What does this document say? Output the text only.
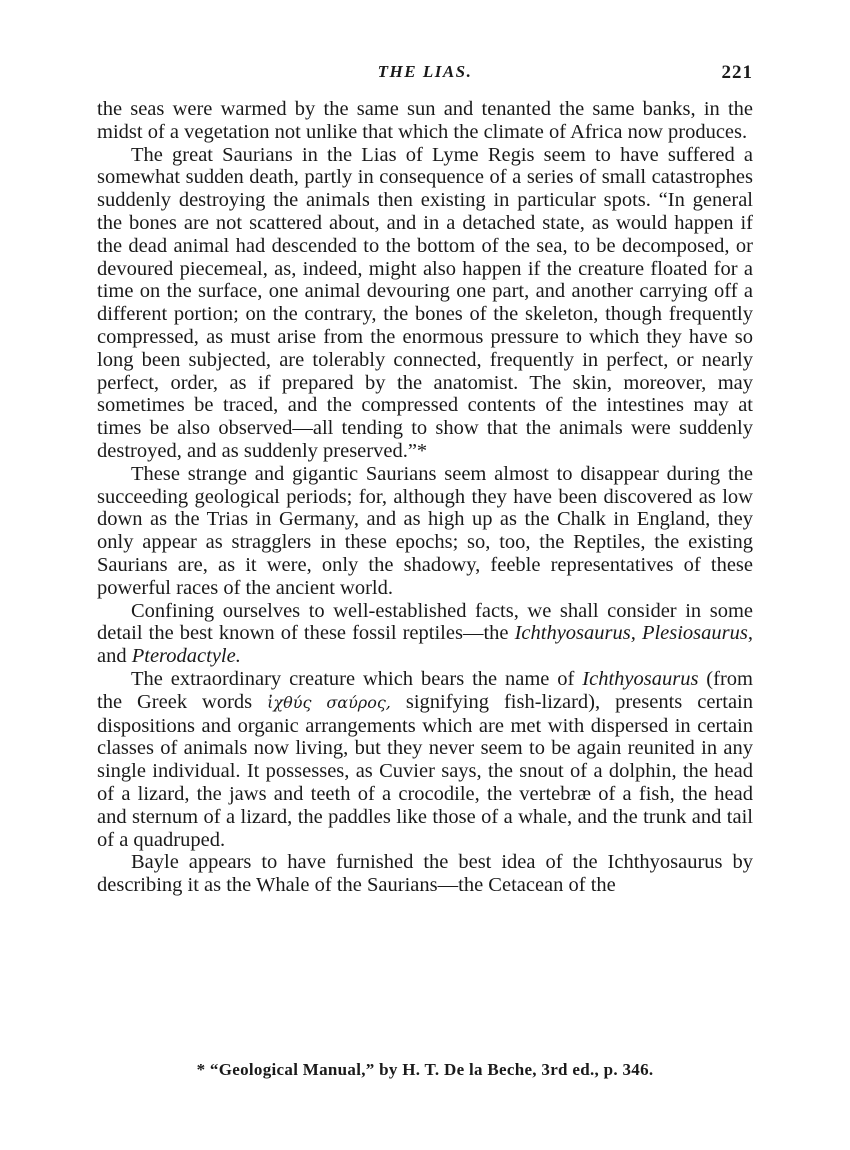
THE LIAS.	221

the seas were warmed by the same sun and tenanted the same banks, in the midst of a vegetation not unlike that which the climate of Africa now produces.

The great Saurians in the Lias of Lyme Regis seem to have suffered a somewhat sudden death, partly in consequence of a series of small catastrophes suddenly destroying the animals then existing in particular spots. “In general the bones are not scattered about, and in a detached state, as would happen if the dead animal had descended to the bottom of the sea, to be decomposed, or devoured piecemeal, as, indeed, might also happen if the creature floated for a time on the surface, one animal devouring one part, and another carrying off a different portion; on the contrary, the bones of the skeleton, though frequently compressed, as must arise from the enormous pressure to which they have so long been subjected, are tolerably connected, frequently in perfect, or nearly perfect, order, as if prepared by the anatomist. The skin, moreover, may sometimes be traced, and the compressed contents of the intestines may at times be also observed—all tending to show that the animals were suddenly destroyed, and as suddenly preserved.”*

These strange and gigantic Saurians seem almost to disappear during the succeeding geological periods; for, although they have been discovered as low down as the Trias in Germany, and as high up as the Chalk in England, they only appear as stragglers in these epochs; so, too, the Reptiles, the existing Saurians are, as it were, only the shadowy, feeble representatives of these powerful races of the ancient world.

Confining ourselves to well-established facts, we shall consider in some detail the best known of these fossil reptiles—the Ichthyosaurus, Plesiosaurus, and Pterodactyle.

The extraordinary creature which bears the name of Ichthyosaurus (from the Greek words ἰχθύς σαύρος, signifying fish-lizard), presents certain dispositions and organic arrangements which are met with dispersed in certain classes of animals now living, but they never seem to be again reunited in any single individual. It possesses, as Cuvier says, the snout of a dolphin, the head of a lizard, the jaws and teeth of a crocodile, the vertebræ of a fish, the head and sternum of a lizard, the paddles like those of a whale, and the trunk and tail of a quadruped.

Bayle appears to have furnished the best idea of the Ichthyosaurus by describing it as the Whale of the Saurians—the Cetacean of the

* “Geological Manual,” by H. T. De la Beche, 3rd ed., p. 346.
